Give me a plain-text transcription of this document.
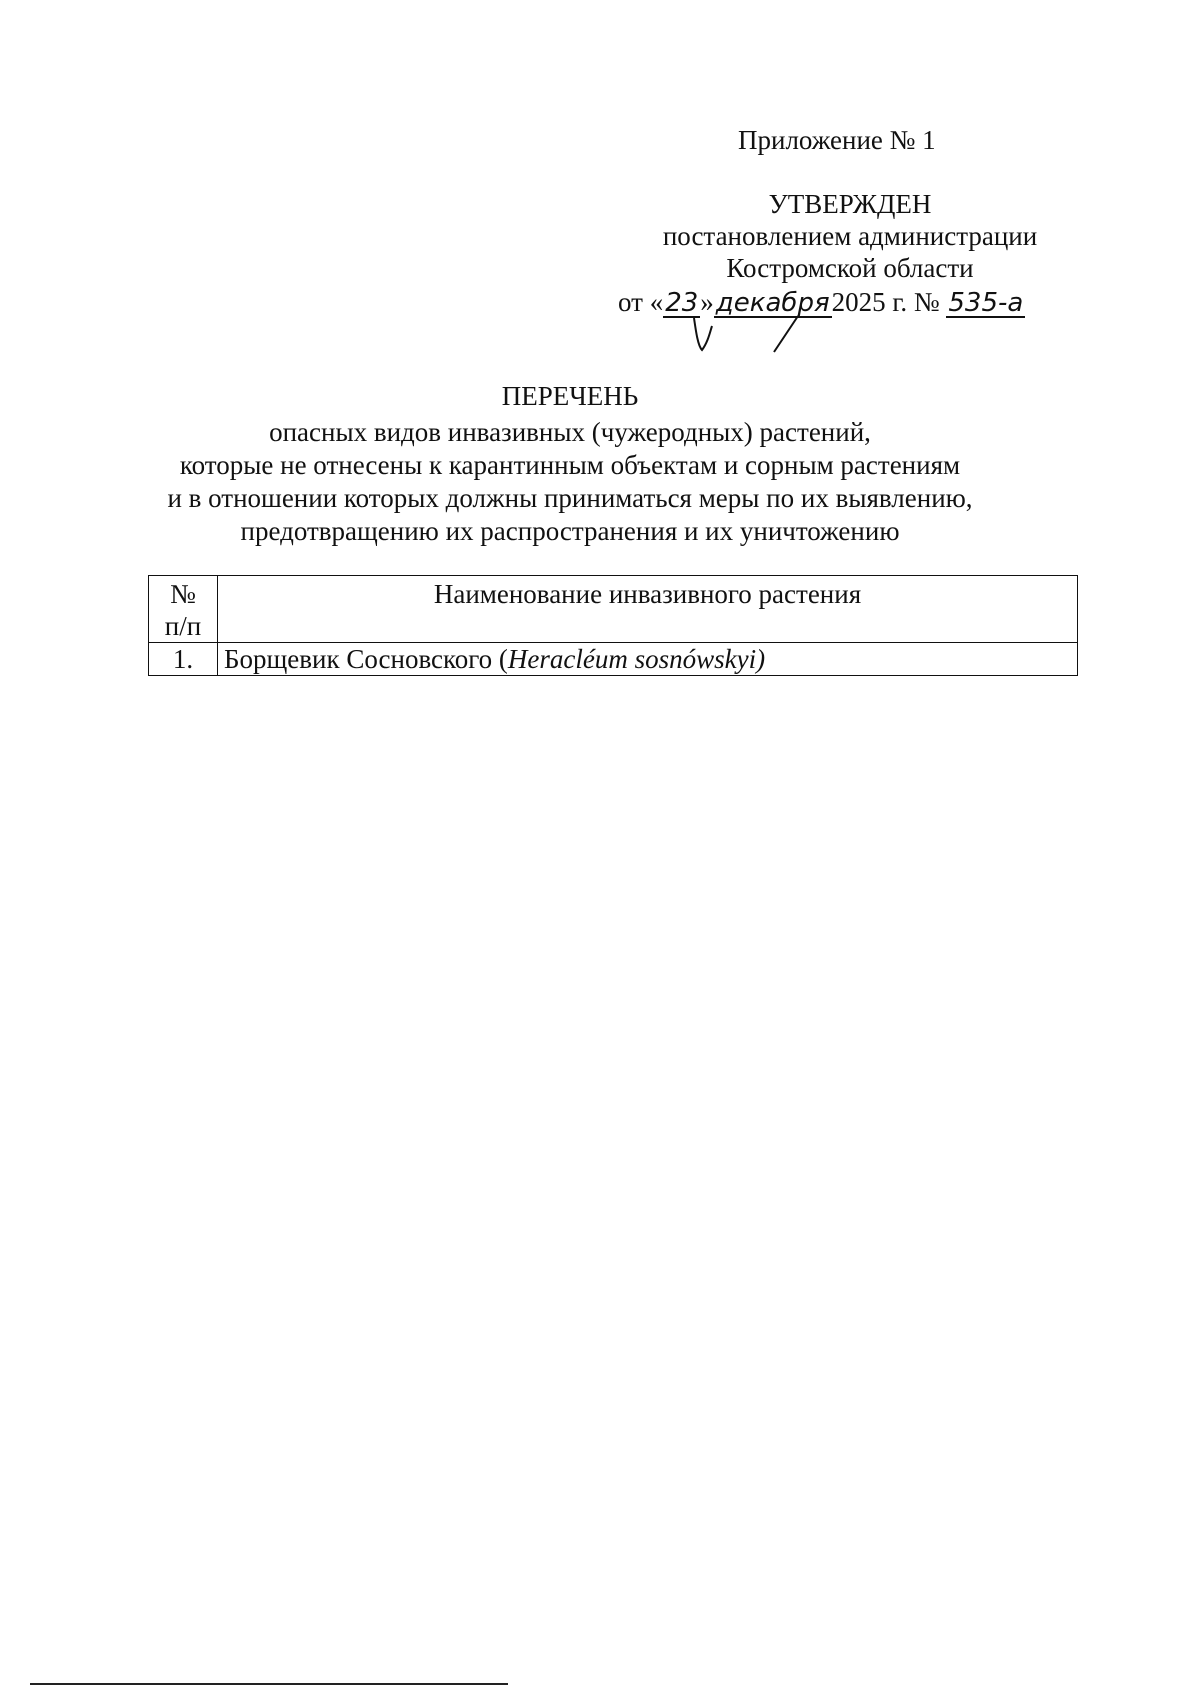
Приложение № 1
УТВЕРЖДЕН
постановлением администрации
Костромской области
от «23»декабря2025 г. № 535-а
ПЕРЕЧЕНЬ
опасных видов инвазивных (чужеродных) растений,
которые не отнесены к карантинным объектам и сорным растениям
и в отношении которых должны приниматься меры по их выявлению,
предотвращению их распространения и их уничтожению
№
п/п	Наименование инвазивного растения
1.	Борщевик Сосновского (Heracléum sosnówskyi)
